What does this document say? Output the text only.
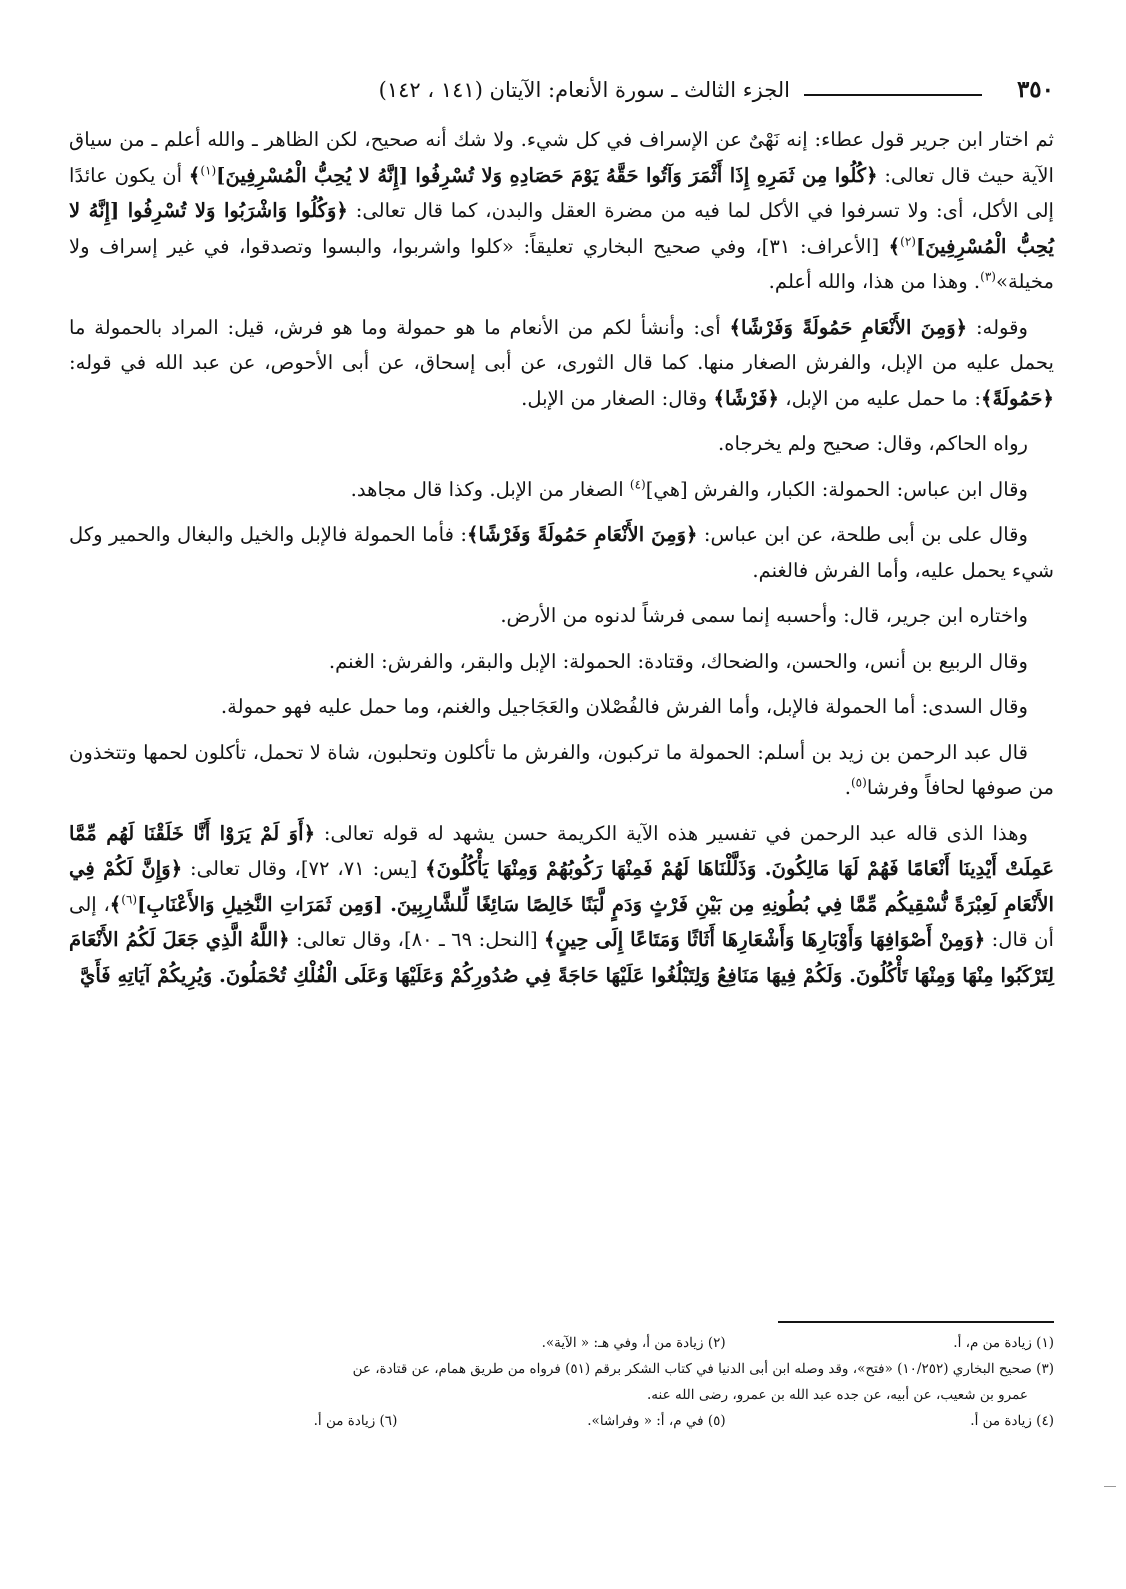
٣٥٠
الجزء الثالث ـ سورة الأنعام: الآيتان (١٤١ ، ١٤٢)

ثم اختار ابن جرير قول عطاء: إنه نَهْىٌ عن الإسراف في كل شيء. ولا شك أنه صحيح، لكن الظاهر ـ والله أعلم ـ من سياق الآية حيث قال تعالى: ﴿كُلُوا مِن ثَمَرِهِ إِذَا أَثْمَرَ وَآتُوا حَقَّهُ يَوْمَ حَصَادِهِ وَلا تُسْرِفُوا [إِنَّهُ لا يُحِبُّ الْمُسْرِفِينَ]$^{(١)}$﴾ أن يكون عائدًا إلى الأكل، أى: ولا تسرفوا في الأكل لما فيه من مضرة العقل والبدن، كما قال تعالى: ﴿وَكُلُوا وَاشْرَبُوا وَلا تُسْرِفُوا [إِنَّهُ لا يُحِبُّ الْمُسْرِفِينَ]$^{(٢)}$﴾ [الأعراف: ٣١]، وفي صحيح البخاري تعليقاً: «كلوا واشربوا، والبسوا وتصدقوا، في غير إسراف ولا مخيلة»$^{(٣)}$. وهذا من هذا، والله أعلم.

وقوله: ﴿وَمِنَ الأَنْعَامِ حَمُولَةً وَفَرْشًا﴾ أى: وأنشأ لكم من الأنعام ما هو حمولة وما هو فرش، قيل: المراد بالحمولة ما يحمل عليه من الإبل، والفرش الصغار منها. كما قال الثورى، عن أبى إسحاق، عن أبى الأحوص، عن عبد الله في قوله: ﴿حَمُولَةً﴾: ما حمل عليه من الإبل، ﴿فَرْشًا﴾ وقال: الصغار من الإبل.

رواه الحاكم، وقال: صحيح ولم يخرجاه.

وقال ابن عباس: الحمولة: الكبار، والفرش [هي]$^{(٤)}$ الصغار من الإبل. وكذا قال مجاهد.

وقال على بن أبى طلحة، عن ابن عباس: ﴿وَمِنَ الأَنْعَامِ حَمُولَةً وَفَرْشًا﴾: فأما الحمولة فالإبل والخيل والبغال والحمير وكل شيء يحمل عليه، وأما الفرش فالغنم.

واختاره ابن جرير، قال: وأحسبه إنما سمى فرشاً لدنوه من الأرض.

وقال الربيع بن أنس، والحسن، والضحاك، وقتادة: الحمولة: الإبل والبقر، والفرش: الغنم.

وقال السدى: أما الحمولة فالإبل، وأما الفرش فالفُصْلان والعَجَاجيل والغنم، وما حمل عليه فهو حمولة.

قال عبد الرحمن بن زيد بن أسلم: الحمولة ما تركبون، والفرش ما تأكلون وتحلبون، شاة لا تحمل، تأكلون لحمها وتتخذون من صوفها لحافاً وفرشا$^{(٥)}$.

وهذا الذى قاله عبد الرحمن في تفسير هذه الآية الكريمة حسن يشهد له قوله تعالى: ﴿أَوَ لَمْ يَرَوْا أَنَّا خَلَقْنَا لَهُم مِّمَّا عَمِلَتْ أَيْدِينَا أَنْعَامًا فَهُمْ لَهَا مَالِكُونَ. وَذَلَّلْنَاهَا لَهُمْ فَمِنْهَا رَكُوبُهُمْ وَمِنْهَا يَأْكُلُونَ﴾ [يس: ٧١، ٧٢]، وقال تعالى: ﴿وَإِنَّ لَكُمْ فِي الأَنْعَامِ لَعِبْرَةً نُّسْقِيكُم مِّمَّا فِي بُطُونِهِ مِن بَيْنِ فَرْثٍ وَدَمٍ لَّبَنًا خَالِصًا سَائِغًا لِّلشَّارِبِينَ. [وَمِن ثَمَرَاتِ النَّخِيلِ وَالأَعْنَابِ]$^{(٦)}$﴾، إلى أن قال: ﴿وَمِنْ أَصْوَافِهَا وَأَوْبَارِهَا وَأَشْعَارِهَا أَثَاثًا وَمَتَاعًا إِلَى حِينٍ﴾ [النحل: ٦٩ ـ ٨٠]، وقال تعالى: ﴿اللَّهُ الَّذِي جَعَلَ لَكُمُ الأَنْعَامَ لِتَرْكَبُوا مِنْهَا وَمِنْهَا تَأْكُلُونَ. وَلَكُمْ فِيهَا مَنَافِعُ وَلِتَبْلُغُوا عَلَيْهَا حَاجَةً فِي صُدُورِكُمْ وَعَلَيْهَا وَعَلَى الْفُلْكِ تُحْمَلُونَ. وَيُرِيكُمْ آيَاتِهِ فَأَيَّ

(١) زيادة من م، أ.
(٢) زيادة من أ، وفي هـ: « الآية».
(٣) صحيح البخاري (١٠/٢٥٢) «فتح»، وقد وصله ابن أبى الدنيا في كتاب الشكر برقم (٥١) فرواه من طريق همام، عن قتادة، عن
عمرو بن شعيب، عن أبيه، عن جده عبد الله بن عمرو، رضى الله عنه.
(٤) زيادة من أ.
(٥) في م، أ: « وفراشا».
(٦) زيادة من أ.
